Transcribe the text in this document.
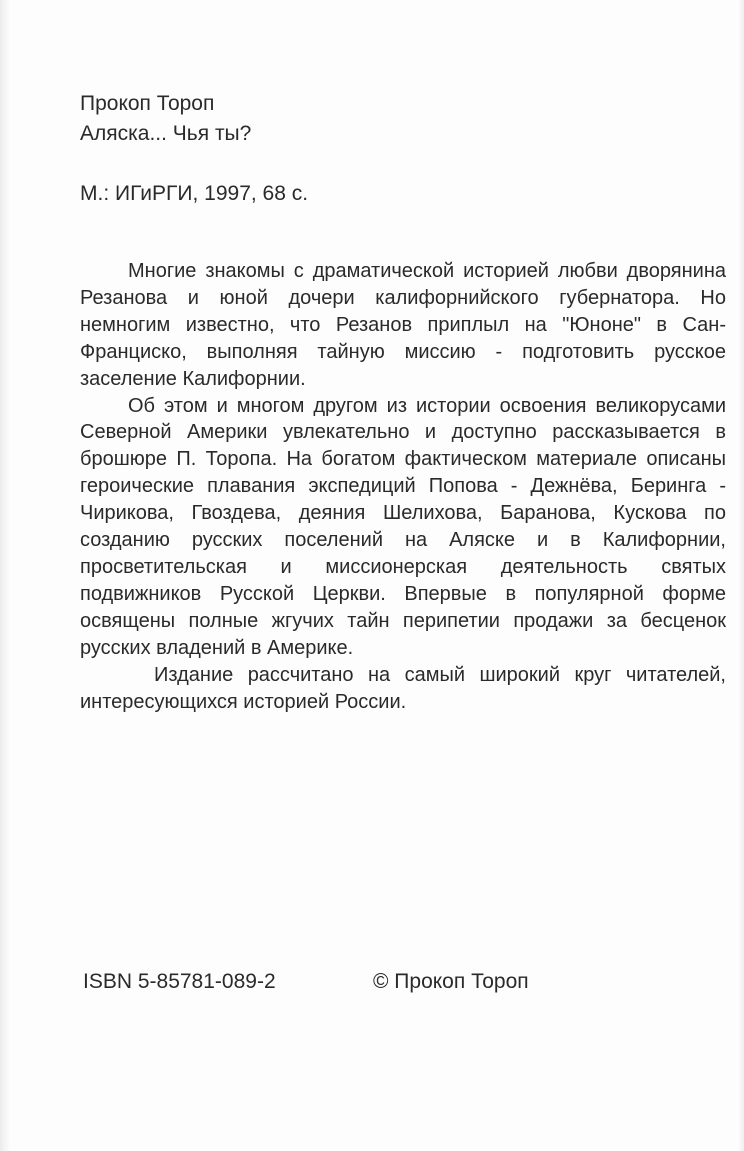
Прокоп Тороп
Аляска... Чья ты?
М.: ИГиРГИ, 1997, 68 с.

Многие знакомы с драматической историей любви дворянина Резанова и юной дочери калифорнийского губернатора. Но немногим известно, что Резанов приплыл на "Юноне" в Сан-Франциско, выполняя тайную миссию - подготовить русское заселение Калифорнии.

Об этом и многом другом из истории освоения великорусами Северной Америки увлекательно и доступно рассказывается в брошюре П. Торопа. На богатом фактическом материале описаны героические плавания экспедиций Попова - Дежнёва, Беринга - Чирикова, Гвоздева, деяния Шелихова, Баранова, Кускова по созданию русских поселений на Аляске и в Калифорнии, просветительская и миссионерская деятельность святых подвижников Русской Церкви. Впервые в популярной форме освящены полные жгучих тайн перипетии продажи за бесценок русских владений в Америке.

Издание рассчитано на самый широкий круг читателей, интересующихся историей России.

ISBN 5-85781-089-2	© Прокоп Тороп
